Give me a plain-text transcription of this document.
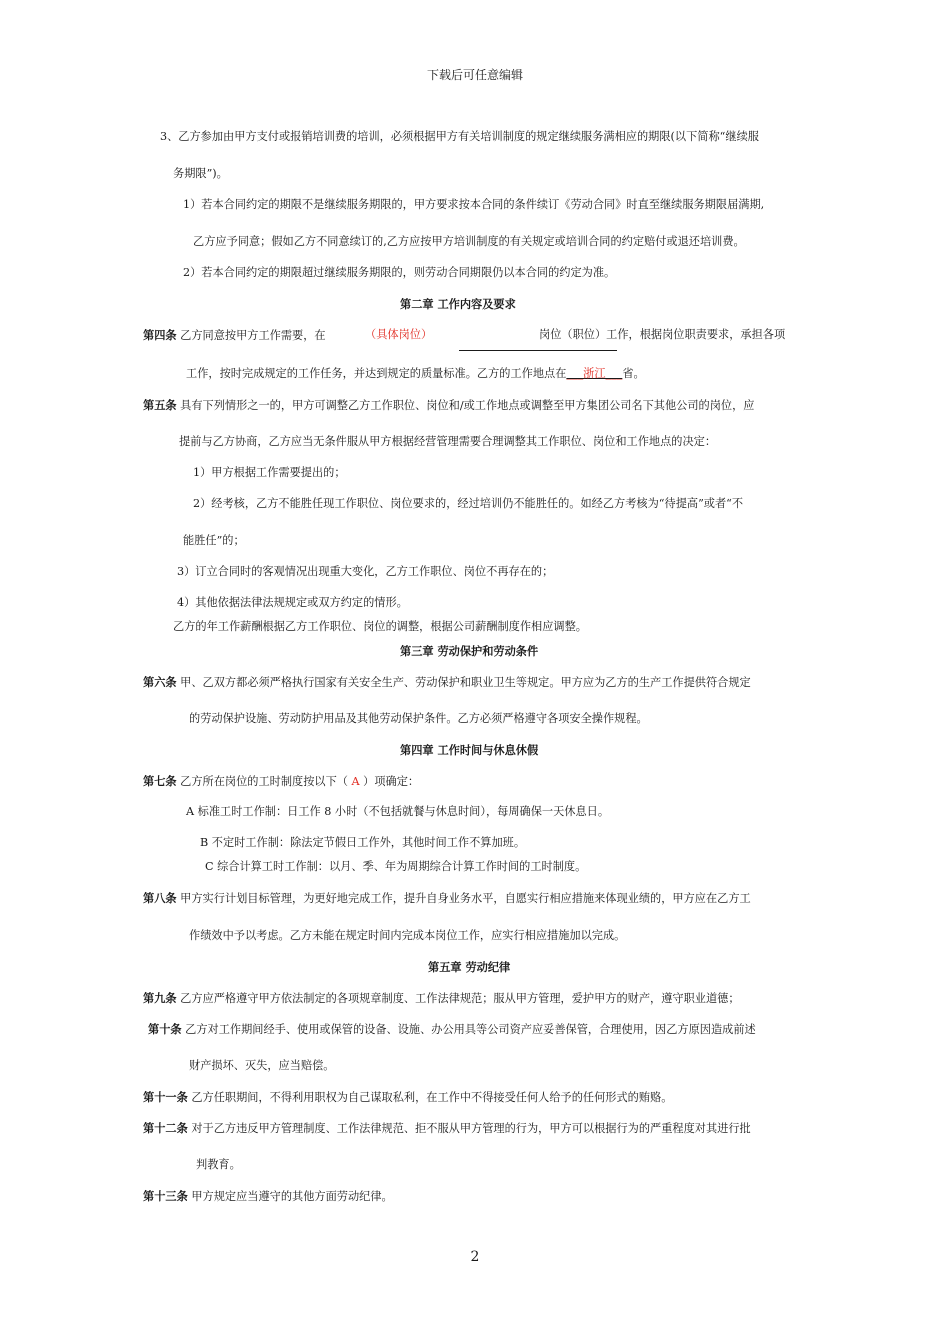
下载后可任意编辑
3、乙方参加由甲方支付或报销培训费的培训，必须根据甲方有关培训制度的规定继续服务满相应的期限(以下简称“继续服
务期限”)。
1）若本合同约定的期限不是继续服务期限的，甲方要求按本合同的条件续订《劳动合同》时直至继续服务期限届满期,
乙方应予同意；假如乙方不同意续订的,乙方应按甲方培训制度的有关规定或培训合同的约定赔付或退还培训费。
2）若本合同约定的期限超过继续服务期限的，则劳动合同期限仍以本合同的约定为准。
第二章 工作内容及要求
第四条 乙方同意按甲方工作需要，在	（具体岗位）	岗位（职位）工作，根据岗位职责要求，承担各项
工作，按时完成规定的工作任务，并达到规定的质量标准。乙方的工作地点在___浙江___省。
第五条 具有下列情形之一的，甲方可调整乙方工作职位、岗位和/或工作地点或调整至甲方集团公司名下其他公司的岗位，应
提前与乙方协商，乙方应当无条件服从甲方根据经营管理需要合理调整其工作职位、岗位和工作地点的决定：
1）甲方根据工作需要提出的；
2）经考核，乙方不能胜任现工作职位、岗位要求的，经过培训仍不能胜任的。如经乙方考核为“待提高”或者“不
能胜任”的；
3）订立合同时的客观情况出现重大变化，乙方工作职位、岗位不再存在的；
4）其他依据法律法规规定或双方约定的情形。
乙方的年工作薪酬根据乙方工作职位、岗位的调整，根据公司薪酬制度作相应调整。
第三章 劳动保护和劳动条件
第六条 甲、乙双方都必须严格执行国家有关安全生产、劳动保护和职业卫生等规定。甲方应为乙方的生产工作提供符合规定
的劳动保护设施、劳动防护用品及其他劳动保护条件。乙方必须严格遵守各项安全操作规程。
第四章 工作时间与休息休假
第七条 乙方所在岗位的工时制度按以下（ A ）项确定：
A 标准工时工作制：日工作 8 小时（不包括就餐与休息时间），每周确保一天休息日。
B 不定时工作制：除法定节假日工作外，其他时间工作不算加班。
C 综合计算工时工作制：以月、季、年为周期综合计算工作时间的工时制度。
第八条 甲方实行计划目标管理，为更好地完成工作，提升自身业务水平，自愿实行相应措施来体现业绩的，甲方应在乙方工
作绩效中予以考虑。乙方未能在规定时间内完成本岗位工作，应实行相应措施加以完成。
第五章 劳动纪律
第九条 乙方应严格遵守甲方依法制定的各项规章制度、工作法律规范；服从甲方管理，爱护甲方的财产，遵守职业道德；
第十条 乙方对工作期间经手、使用或保管的设备、设施、办公用具等公司资产应妥善保管，合理使用，因乙方原因造成前述
财产损坏、灭失，应当赔偿。
第十一条 乙方任职期间，不得利用职权为自己谋取私利，在工作中不得接受任何人给予的任何形式的贿赂。
第十二条 对于乙方违反甲方管理制度、工作法律规范、拒不服从甲方管理的行为，甲方可以根据行为的严重程度对其进行批
判教育。
第十三条 甲方规定应当遵守的其他方面劳动纪律。
2
